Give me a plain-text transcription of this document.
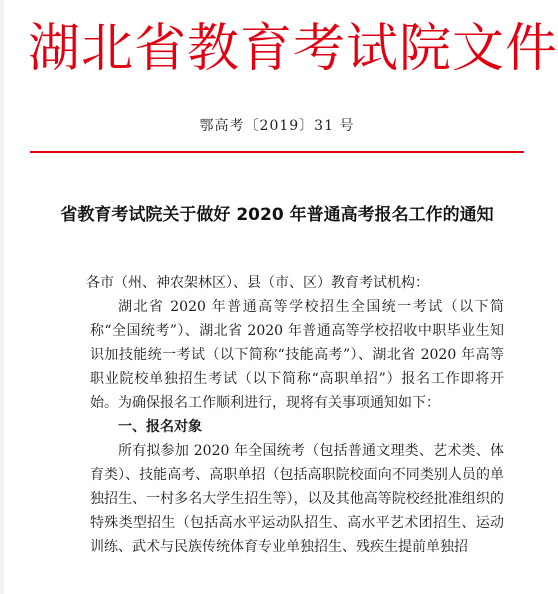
湖北省教育考试院文件
鄂高考〔2019〕31 号
省教育考试院关于做好 2020 年普通高考报名工作的通知

各市（州、神农架林区）、县（市、区）教育考试机构：

湖北省 2020 年普通高等学校招生全国统一考试（以下简称“全国统考”）、湖北省 2020 年普通高等学校招收中职毕业生知识加技能统一考试（以下简称“技能高考”）、湖北省 2020 年高等职业院校单独招生考试（以下简称“高职单招”）报名工作即将开始。为确保报名工作顺利进行，现将有关事项通知如下：

一、报名对象

所有拟参加 2020 年全国统考（包括普通文理类、艺术类、体育类）、技能高考、高职单招（包括高职院校面向不同类别人员的单独招生、一村多名大学生招生等），以及其他高等院校经批准组织的特殊类型招生（包括高水平运动队招生、高水平艺术团招生、运动训练、武术与民族传统体育专业单独招生、残疾生提前单独招
